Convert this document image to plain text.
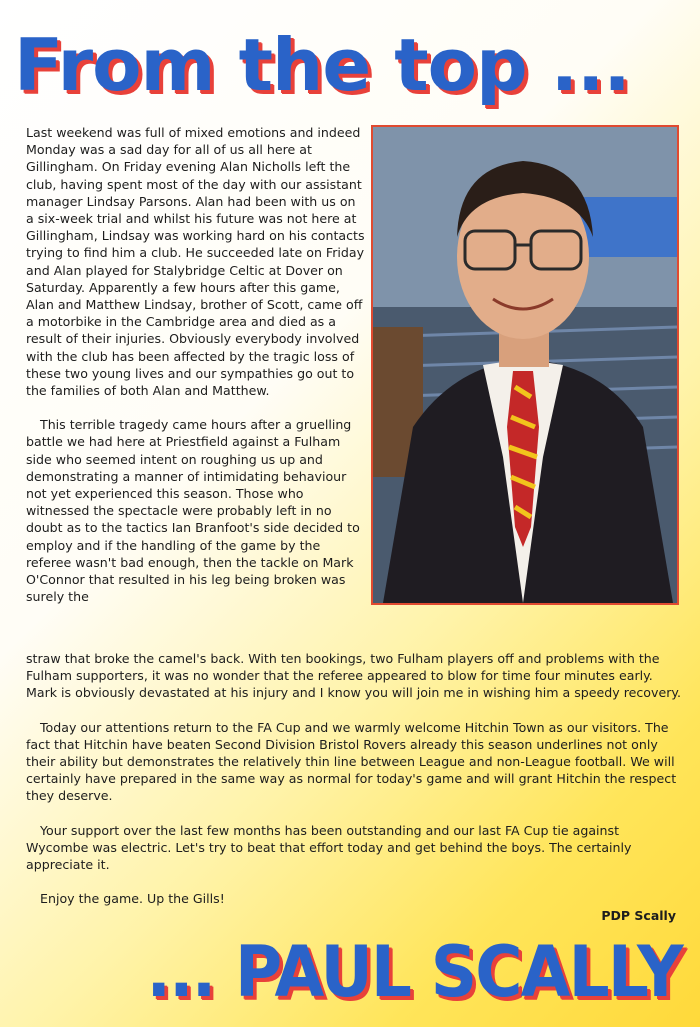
From the top ...

Last weekend was full of mixed emotions and indeed Monday was a sad day for all of us all here at Gillingham. On Friday evening Alan Nicholls left the club, having spent most of the day with our assistant manager Lindsay Parsons. Alan had been with us on a six-week trial and whilst his future was not here at Gillingham, Lindsay was working hard on his contacts trying to find him a club. He succeeded late on Friday and Alan played for Stalybridge Celtic at Dover on Saturday. Apparently a few hours after this game, Alan and Matthew Lindsay, brother of Scott, came off a motorbike in the Cambridge area and died as a result of their injuries. Obviously everybody involved with the club has been affected by the tragic loss of these two young lives and our sympathies go out to the families of both Alan and Matthew.

This terrible tragedy came hours after a gruelling battle we had here at Priestfield against a Fulham side who seemed intent on roughing us up and demonstrating a manner of intimidating behaviour not yet experienced this season. Those who witnessed the spectacle were probably left in no doubt as to the tactics Ian Branfoot's side decided to employ and if the handling of the game by the referee wasn't bad enough, then the tackle on Mark O'Connor that resulted in his leg being broken was surely the

straw that broke the camel's back. With ten bookings, two Fulham players off and problems with the Fulham supporters, it was no wonder that the referee appeared to blow for time four minutes early. Mark is obviously devastated at his injury and I know you will join me in wishing him a speedy recovery.

Today our attentions return to the FA Cup and we warmly welcome Hitchin Town as our visitors. The fact that Hitchin have beaten Second Division Bristol Rovers already this season underlines not only their ability but demonstrates the relatively thin line between League and non-League football. We will certainly have prepared in the same way as normal for today's game and will grant Hitchin the respect they deserve.

Your support over the last few months has been outstanding and our last FA Cup tie against Wycombe was electric. Let's try to beat that effort today and get behind the boys. The certainly appreciate it.

Enjoy the game. Up the Gills!

PDP Scally
... PAUL SCALLY
